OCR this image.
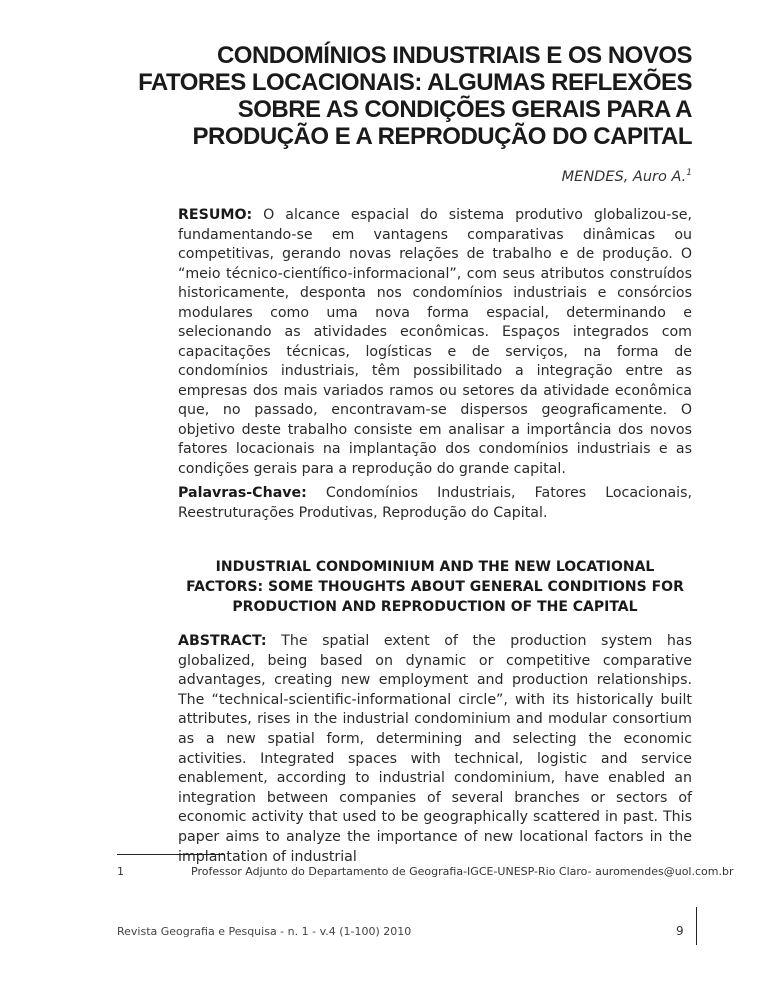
CONDOMÍNIOS INDUSTRIAIS E OS NOVOS FATORES LOCACIONAIS: ALGUMAS REFLEXÕES SOBRE AS CONDIÇÕES GERAIS PARA A PRODUÇÃO E A REPRODUÇÃO DO CAPITAL
MENDES, Auro A.$^1$

RESUMO: O alcance espacial do sistema produtivo globalizou-se, fundamentando-se em vantagens comparativas dinâmicas ou competitivas, gerando novas relações de trabalho e de produção. O “meio técnico-científico-informacional”, com seus atributos construídos historicamente, desponta nos condomínios industriais e consórcios modulares como uma nova forma espacial, determinando e selecionando as atividades econômicas. Espaços integrados com capacitações técnicas, logísticas e de serviços, na forma de condomínios industriais, têm possibilitado a integração entre as empresas dos mais variados ramos ou setores da atividade econômica que, no passado, encontravam-se dispersos geograficamente. O objetivo deste trabalho consiste em analisar a importância dos novos fatores locacionais na implantação dos condomínios industriais e as condições gerais para a reprodução do grande capital.

Palavras-Chave: Condomínios Industriais, Fatores Locacionais, Reestruturações Produtivas, Reprodução do Capital.

INDUSTRIAL CONDOMINIUM AND THE NEW LOCATIONAL FACTORS: SOME THOUGHTS ABOUT GENERAL CONDITIONS FOR PRODUCTION AND REPRODUCTION OF THE CAPITAL

ABSTRACT: The spatial extent of the production system has globalized, being based on dynamic or competitive comparative advantages, creating new employment and production relationships. The “technical-scientific-informational circle”, with its historically built attributes, rises in the industrial condominium and modular consortium as a new spatial form, determining and selecting the economic activities. Integrated spaces with technical, logistic and service enablement, according to industrial condominium, have enabled an integration between companies of several branches or sectors of economic activity that used to be geographically scattered in past. This paper aims to analyze the importance of new locational factors in the implantation of industrial

1	Professor Adjunto do Departamento de Geografia-IGCE-UNESP-Rio Claro- auromendes@uol.com.br
Revista Geografia e Pesquisa - n. 1 - v.4 (1-100) 2010	9
